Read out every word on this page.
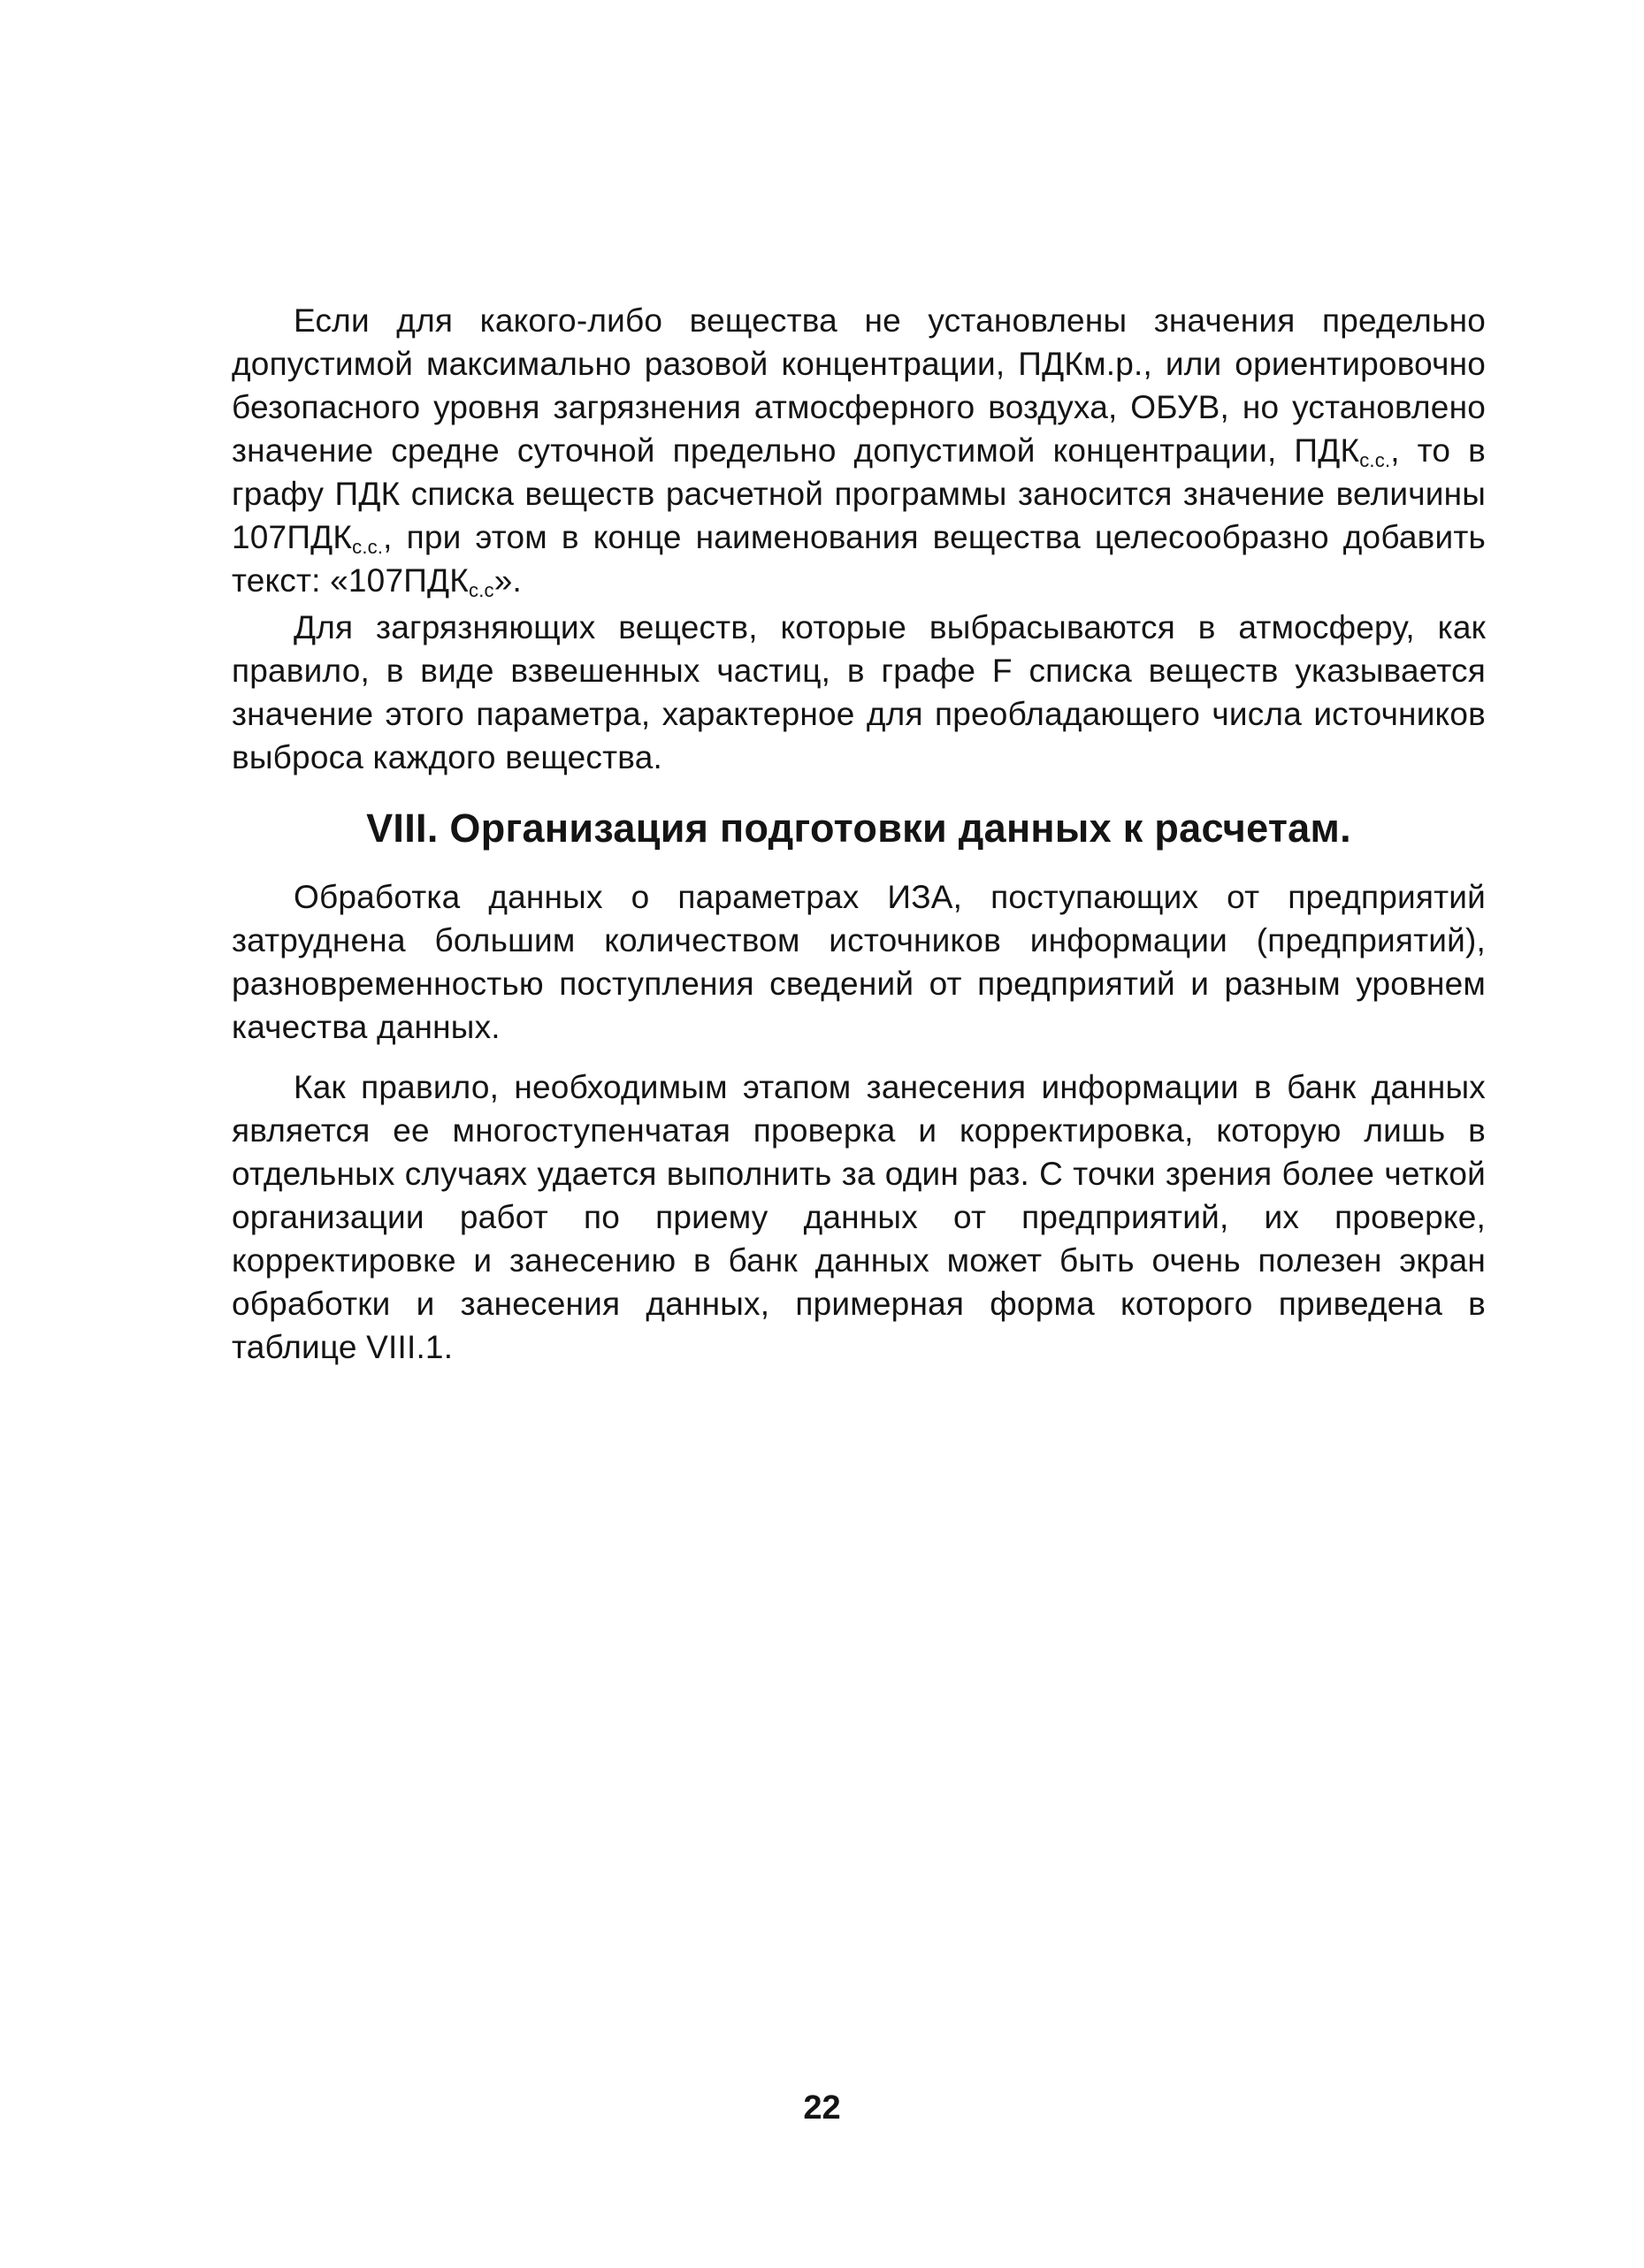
Если для какого-либо вещества не установлены значения предельно допустимой максимально разовой концентрации, ПДКм.р., или ориентировочно безопасного уровня загрязнения атмосферного воздуха, ОБУВ, но установлено значение средне суточной предельно допустимой концентрации, $ПДК_{с.с.}$, то в графу ПДК списка веществ расчетной программы заносится значение величины $107ПДК_{с.с.}$, при этом в конце наименования вещества целесообразно добавить текст: «$107ПДК_{с.с}$».

Для загрязняющих веществ, которые выбрасываются в атмосферу, как правило, в виде взвешенных частиц, в графе F списка веществ указывается значение этого параметра, характерное для преобладающего числа источников выброса каждого вещества.

VIII. Организация подготовки данных к расчетам.

Обработка данных о параметрах ИЗА, поступающих от предприятий затруднена большим количеством источников информации (предприятий), разновременностью поступления сведений от предприятий и разным уровнем качества данных.

Как правило, необходимым этапом занесения информации в банк данных является ее многоступенчатая проверка и корректировка, которую лишь в отдельных случаях удается выполнить за один раз. С точки зрения более четкой организации работ по приему данных от предприятий, их проверке, корректировке и занесению в банк данных может быть очень полезен экран обработки и занесения данных, примерная форма которого приведена в таблице VIII.1.

22
